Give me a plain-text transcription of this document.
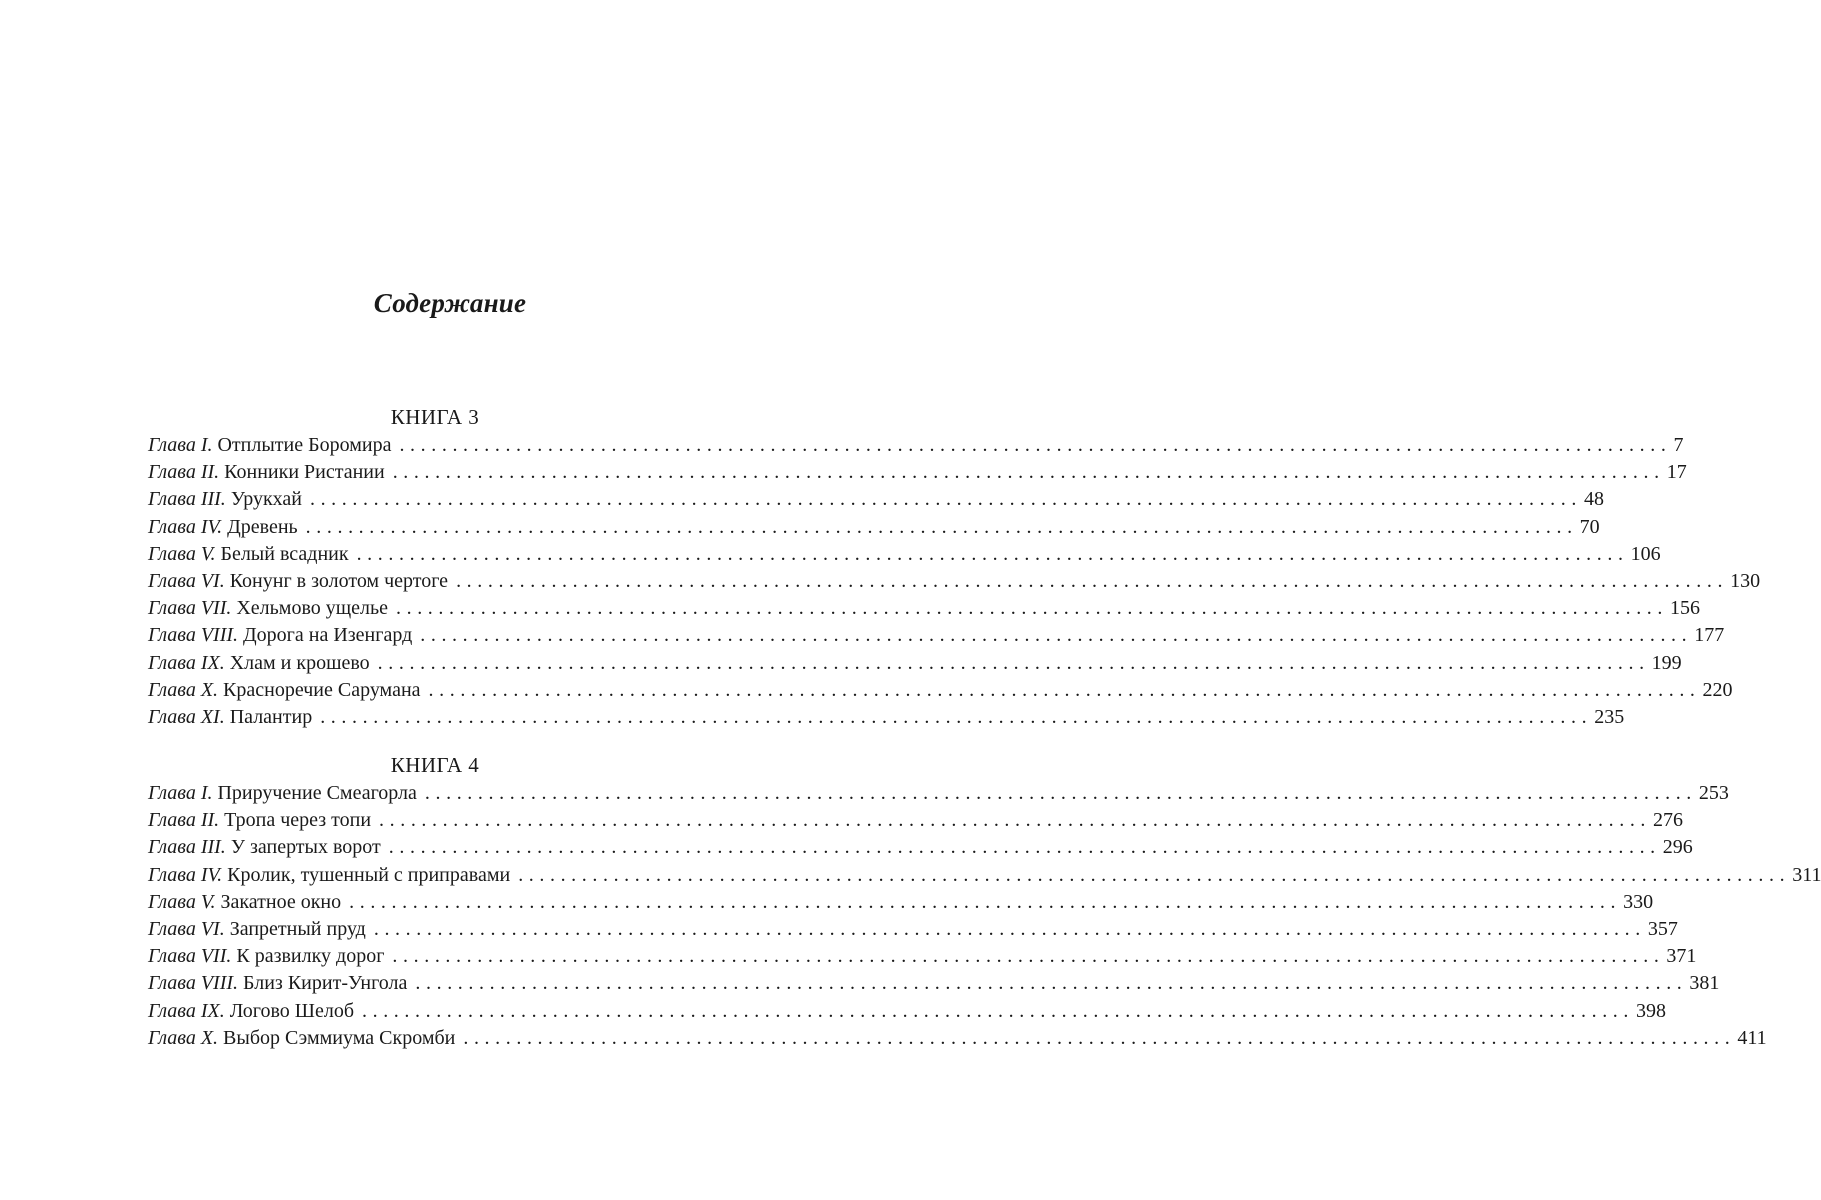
Содержание
КНИГА 3
Глава I. Отплытие Боромира ........................................................................................................................ 7
Глава II. Конники Ристании ........................................................................................................................ 17
Глава III. Урукхай ........................................................................................................................ 48
Глава IV. Древень ........................................................................................................................ 70
Глава V. Белый всадник ........................................................................................................................ 106
Глава VI. Конунг в золотом чертоге ........................................................................................................................ 130
Глава VII. Хельмово ущелье ........................................................................................................................ 156
Глава VIII. Дорога на Изенгард ........................................................................................................................ 177
Глава IX. Хлам и крошево ........................................................................................................................ 199
Глава X. Красноречие Сарумана ........................................................................................................................ 220
Глава XI. Палантир ........................................................................................................................ 235
КНИГА 4
Глава I. Приручение Смеагорла ........................................................................................................................ 253
Глава II. Тропа через топи ........................................................................................................................ 276
Глава III. У запертых ворот ........................................................................................................................ 296
Глава IV. Кролик, тушенный с приправами ........................................................................................................................ 311
Глава V. Закатное окно ........................................................................................................................ 330
Глава VI. Запретный пруд ........................................................................................................................ 357
Глава VII. К развилку дорог ........................................................................................................................ 371
Глава VIII. Близ Кирит-Унгола ........................................................................................................................ 381
Глава IX. Логово Шелоб ........................................................................................................................ 398
Глава X. Выбор Сэммиума Скромби ........................................................................................................................ 411
